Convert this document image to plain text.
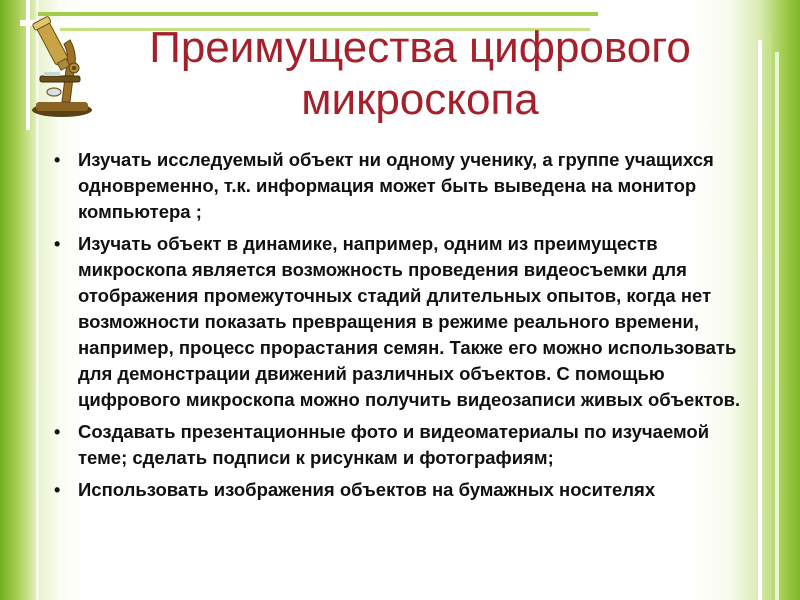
Преимущества цифрового микроскопа
• Изучать исследуемый объект ни одному ученику, а группе учащихся одновременно, т.к. информация может быть выведена на монитор компьютера ;
• Изучать объект в динамике, например, одним из преимуществ микроскопа является возможность проведения видеосъемки для отображения промежуточных стадий длительных опытов, когда нет возможности показать превращения в режиме реального времени, например, процесс прорастания семян. Также его можно использовать для демонстрации движений различных объектов. С помощью цифрового микроскопа можно получить видеозаписи живых объектов.
• Создавать презентационные фото и видеоматериалы по изучаемой теме; сделать подписи к рисункам и фотографиям;
• Использовать изображения объектов на бумажных носителях
